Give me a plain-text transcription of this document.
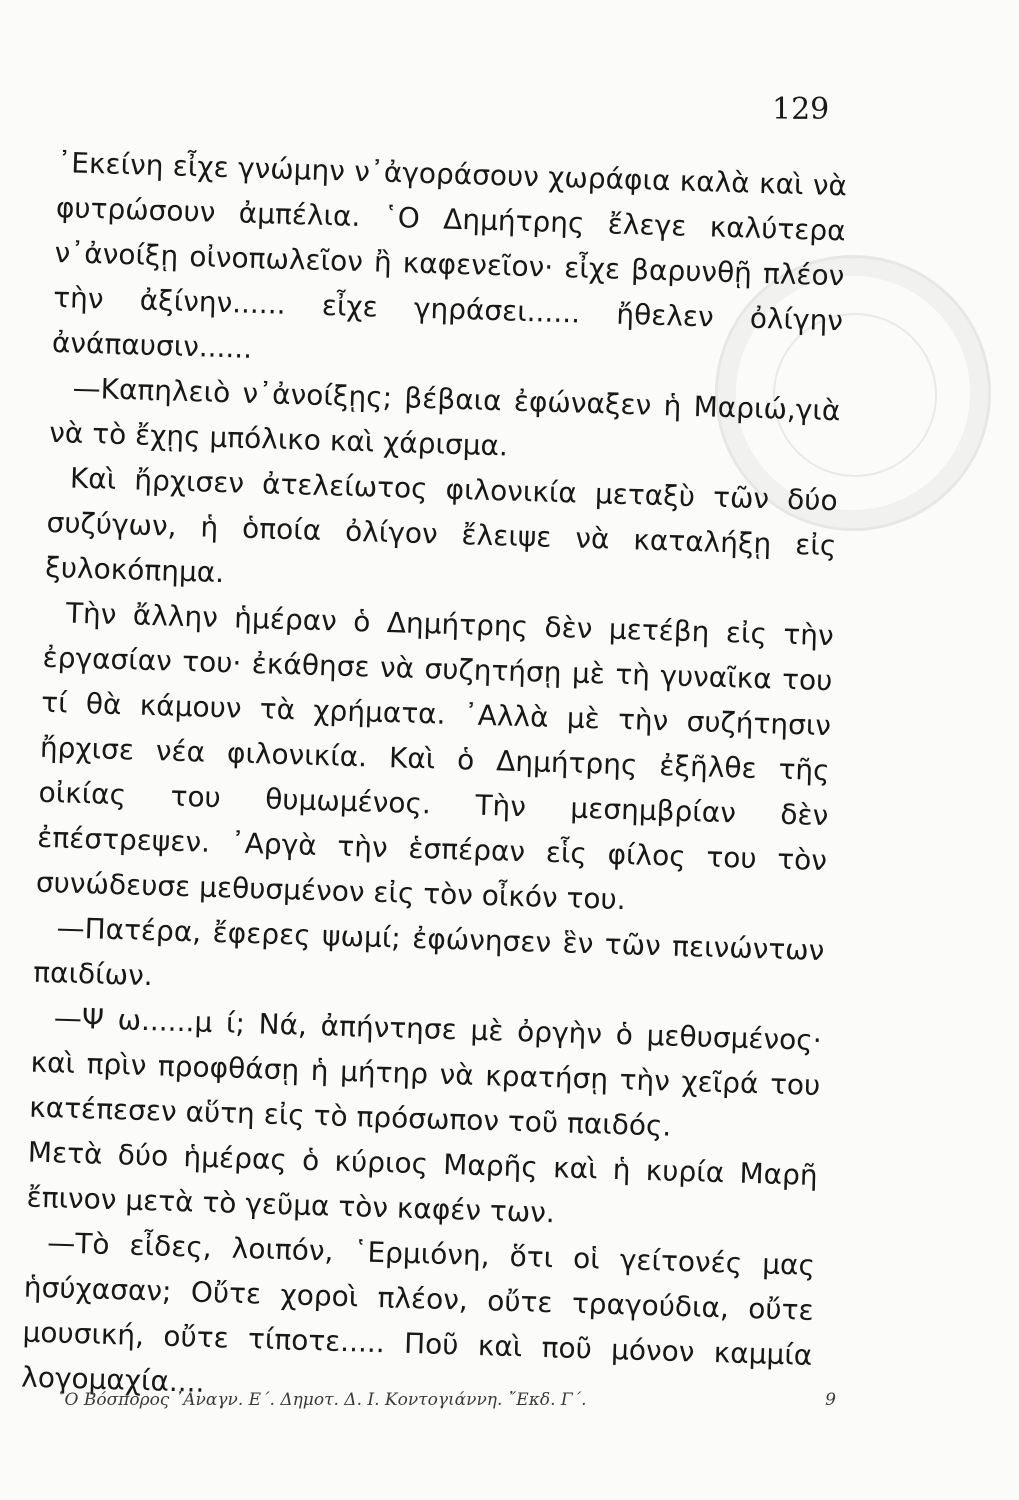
129

᾿Εκείνη εἶχε γνώμην ν᾿ἀγοράσουν χωράφια καλὰ καὶ νὰ φυτρώσουν ἀμπέλια. ῾Ο Δημήτρης ἔλεγε καλύτερα ν᾿ἀνοίξῃ οἰνοπωλεῖον ἢ καφενεῖον· εἶχε βαρυνθῇ πλέον τὴν ἀξίνην...... εἶχε γηράσει...... ἤθελεν ὀλίγην ἀνάπαυσιν......

—Καπηλειὸ ν᾿ἀνοίξῃς; βέβαια ἐφώναξεν ἡ Μαριώ,γιὰ νὰ τὸ ἔχῃς μπόλικο καὶ χάρισμα.

Καὶ ἤρχισεν ἀτελείωτος φιλονικία μεταξὺ τῶν δύο συζύγων, ἡ ὁποία ὀλίγον ἔλειψε νὰ καταλήξῃ εἰς ξυλοκόπημα.

Τὴν ἄλλην ἡμέραν ὁ Δημήτρης δὲν μετέβη εἰς τὴν ἐργασίαν του· ἐκάθησε νὰ συζητήσῃ μὲ τὴ γυναῖκα του τί θὰ κάμουν τὰ χρήματα. ᾿Αλλὰ μὲ τὴν συζήτησιν ἤρχισε νέα φιλονικία. Καὶ ὁ Δημήτρης ἐξῆλθε τῆς οἰκίας του θυμωμένος. Τὴν μεσημβρίαν δὲν ἐπέστρεψεν. ᾿Αργὰ τὴν ἑσπέραν εἷς φίλος του τὸν συνώδευσε μεθυσμένον εἰς τὸν οἶκόν του.

—Πατέρα, ἔφερες ψωμί; ἐφώνησεν ἓν τῶν πεινώντων παιδίων.

—Ψ ω......μ ί; Νά, ἀπήντησε μὲ ὀργὴν ὁ μεθυσμένος· καὶ πρὶν προφθάσῃ ἡ μήτηρ νὰ κρατήσῃ τὴν χεῖρά του κατέπεσεν αὕτη εἰς τὸ πρόσωπον τοῦ παιδός.

Μετὰ δύο ἡμέρας ὁ κύριος Μαρῆς καὶ ἡ κυρία Μαρῆ ἔπινον μετὰ τὸ γεῦμα τὸν καφέν των.

—Τὸ εἶδες, λοιπόν, ῾Ερμιόνη, ὅτι οἱ γείτονές μας ἡσύχασαν; Οὔτε χοροὶ πλέον, οὔτε τραγούδια, οὔτε μουσική, οὔτε τίποτε..... Ποῦ καὶ ποῦ μόνον καμμία λογομαχία....

῾Ο Βόσπορος ᾿Αναγν. Ε΄. Δημοτ. Δ. Ι. Κοντογιάννη. ῎Εκδ. Γ΄.	9
